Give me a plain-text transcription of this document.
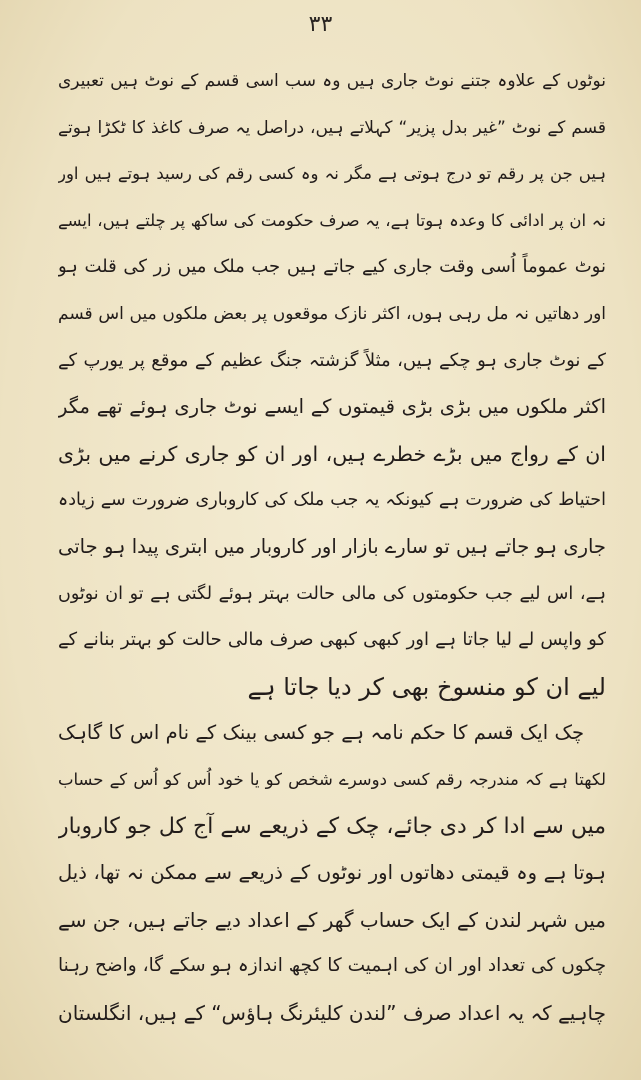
۳۳
نوٹوں کے علاوہ جتنے نوٹ جاری ہیں وہ سب اسی قسم کے نوٹ ہیں تعبیری
قسم کے نوٹ ”غیر بدل پزیر“ کہلاتے ہیں، دراصل یہ صرف کاغذ کا ٹکڑا ہوتے
ہیں جن پر رقم تو درج ہوتی ہے مگر نہ وہ کسی رقم کی رسید ہوتے ہیں اور
نہ ان پر ادائی کا وعدہ ہوتا ہے، یہ صرف حکومت کی ساکھ پر چلتے ہیں، ایسے
نوٹ عموماً اُسی وقت جاری کیے جاتے ہیں جب ملک میں زر کی قلت ہو
اور دھاتیں نہ مل رہی ہوں، اکثر نازک موقعوں پر بعض ملکوں میں اس قسم
کے نوٹ جاری ہو چکے ہیں، مثلاً گزشتہ جنگ عظیم کے موقع پر یورپ کے
اکثر ملکوں میں بڑی بڑی قیمتوں کے ایسے نوٹ جاری ہوئے تھے مگر
ان کے رواج میں بڑے خطرے ہیں، اور ان کو جاری کرنے میں بڑی
احتیاط کی ضرورت ہے کیونکہ یہ جب ملک کی کاروباری ضرورت سے زیادہ
جاری ہو جاتے ہیں تو سارے بازار اور کاروبار میں ابتری پیدا ہو جاتی
ہے، اس لیے جب حکومتوں کی مالی حالت بہتر ہوئے لگتی ہے تو ان نوٹوں
کو واپس لے لیا جاتا ہے اور کبھی کبھی صرف مالی حالت کو بہتر بنانے کے
لیے ان کو منسوخ بھی کر دیا جاتا ہے
چک ایک قسم کا حکم نامہ ہے جو کسی بینک کے نام اس کا گاہک
لکھتا ہے کہ مندرجہ رقم کسی دوسرے شخص کو یا خود اُس کو اُس کے حساب
میں سے ادا کر دی جائے، چک کے ذریعے سے آج کل جو کاروبار
ہوتا ہے وہ قیمتی دھاتوں اور نوٹوں کے ذریعے سے ممکن نہ تھا، ذیل
میں شہر لندن کے ایک حساب گھر کے اعداد دیے جاتے ہیں، جن سے
چکوں کی تعداد اور ان کی اہمیت کا کچھ اندازہ ہو سکے گا، واضح رہنا
چاہیے کہ یہ اعداد صرف ”لندن کلیئرنگ ہاؤس“ کے ہیں، انگلستان
